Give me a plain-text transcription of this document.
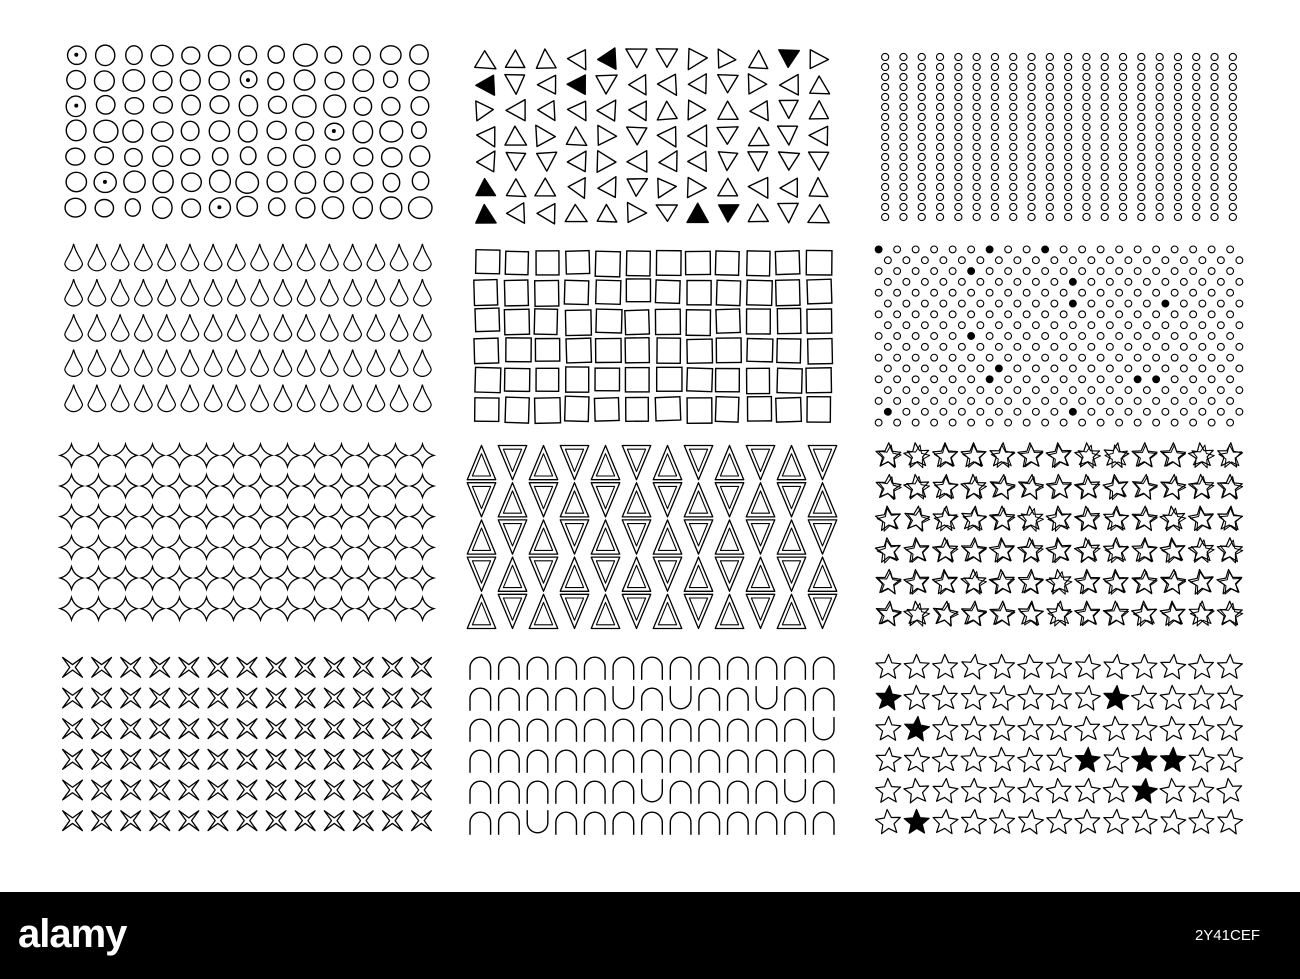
alamy	2Y41CEF
